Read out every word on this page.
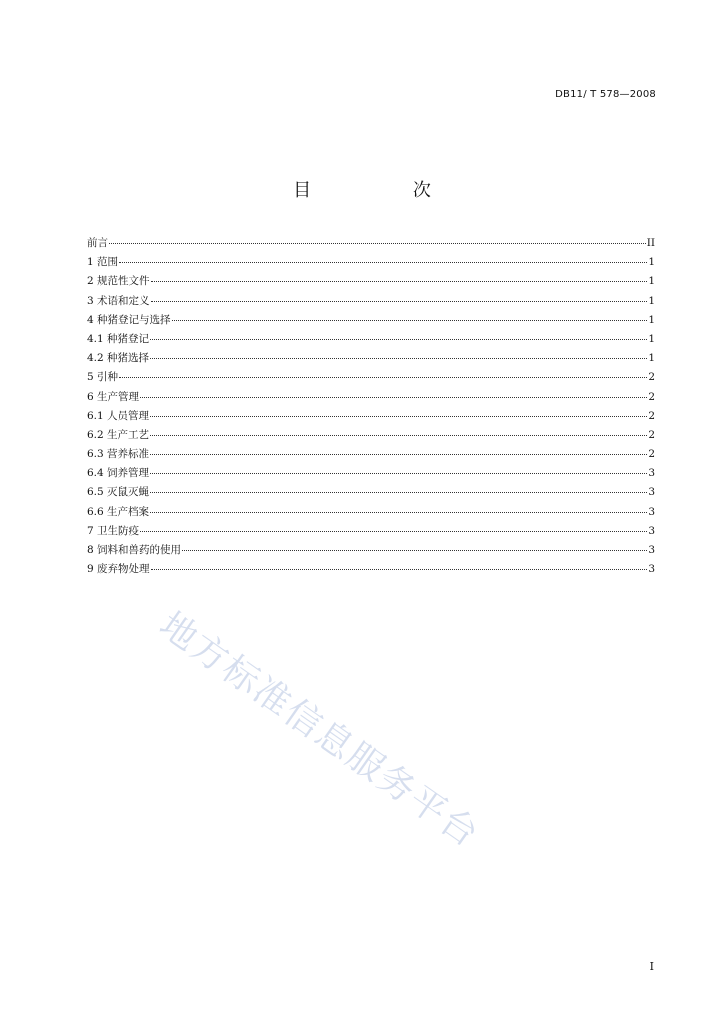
DB11/ T 578—2008
目 次
前言	II
1 范围	1
2 规范性文件	1
3 术语和定义	1
4 种猪登记与选择	1
4.1 种猪登记	1
4.2 种猪选择	1
5 引种	2
6 生产管理	2
6.1 人员管理	2
6.2 生产工艺	2
6.3 营养标准	2
6.4 饲养管理	3
6.5 灭鼠灭蝇	3
6.6 生产档案	3
7 卫生防疫	3
8 饲料和兽药的使用	3
9 废弃物处理	3
地方标准信息服务平台
I
